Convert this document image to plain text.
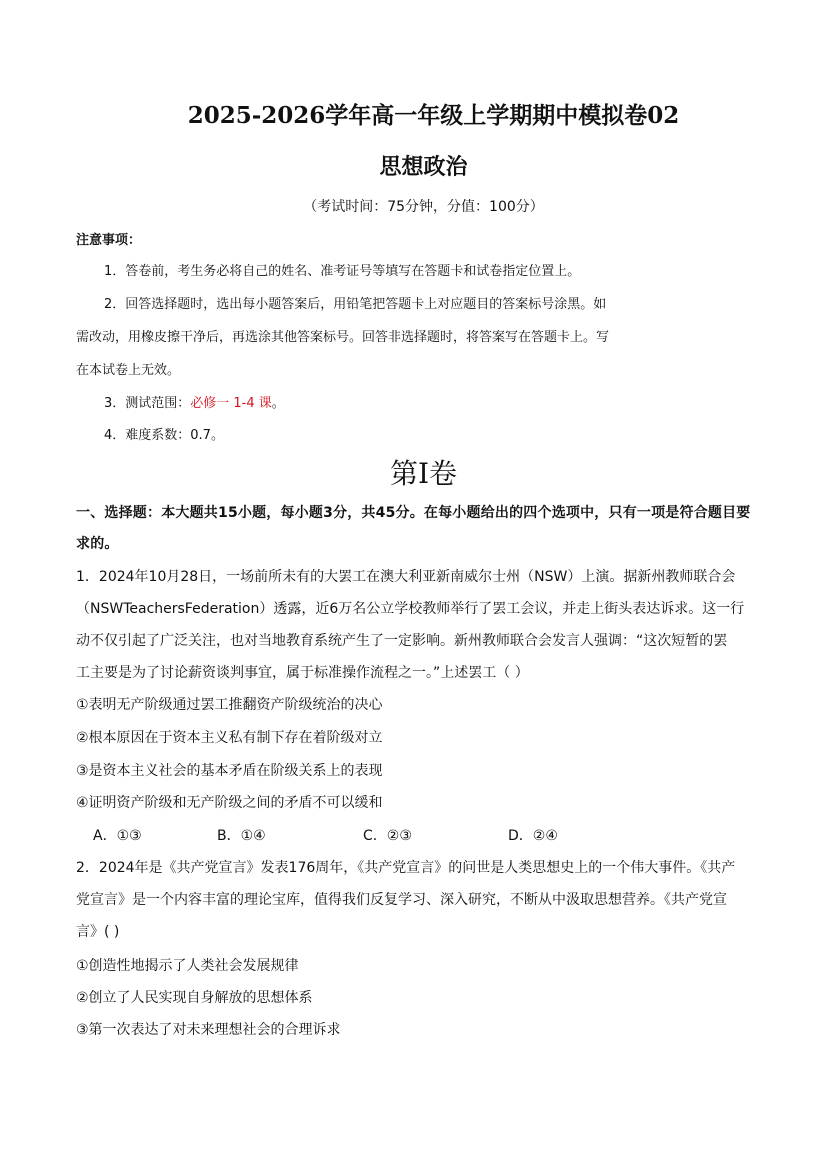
2025-2026学年高一年级上学期期中模拟卷02
思想政治
（考试时间：75分钟，分值：100分）
注意事项：
1．答卷前，考生务必将自己的姓名、准考证号等填写在答题卡和试卷指定位置上。
2．回答选择题时，选出每小题答案后，用铅笔把答题卡上对应题目的答案标号涂黑。如
需改动，用橡皮擦干净后，再选涂其他答案标号。回答非选择题时，将答案写在答题卡上。写
在本试卷上无效。
3．测试范围：必修一 1-4 课。
4．难度系数：0.7。
第Ⅰ卷
一、选择题：本大题共15小题，每小题3分，共45分。在每小题给出的四个选项中，只有一项是符合题目要求的。
1．2024年10月28日，一场前所未有的大罢工在澳大利亚新南威尔士州（NSW）上演。据新州教师联合会
（NSWTeachersFederation）透露，近6万名公立学校教师举行了罢工会议，并走上街头表达诉求。这一行
动不仅引起了广泛关注，也对当地教育系统产生了一定影响。新州教师联合会发言人强调：“这次短暂的罢
工主要是为了讨论薪资谈判事宜，属于标准操作流程之一。”上述罢工（ ）
①表明无产阶级通过罢工推翻资产阶级统治的决心
②根本原因在于资本主义私有制下存在着阶级对立
③是资本主义社会的基本矛盾在阶级关系上的表现
④证明资产阶级和无产阶级之间的矛盾不可以缓和
A．①③	B．①④	C．②③	D．②④
2．2024年是《共产党宣言》发表176周年，《共产党宣言》的问世是人类思想史上的一个伟大事件。《共产
党宣言》是一个内容丰富的理论宝库，值得我们反复学习、深入研究，不断从中汲取思想营养。《共产党宣
言》( )
①创造性地揭示了人类社会发展规律
②创立了人民实现自身解放的思想体系
③第一次表达了对未来理想社会的合理诉求
